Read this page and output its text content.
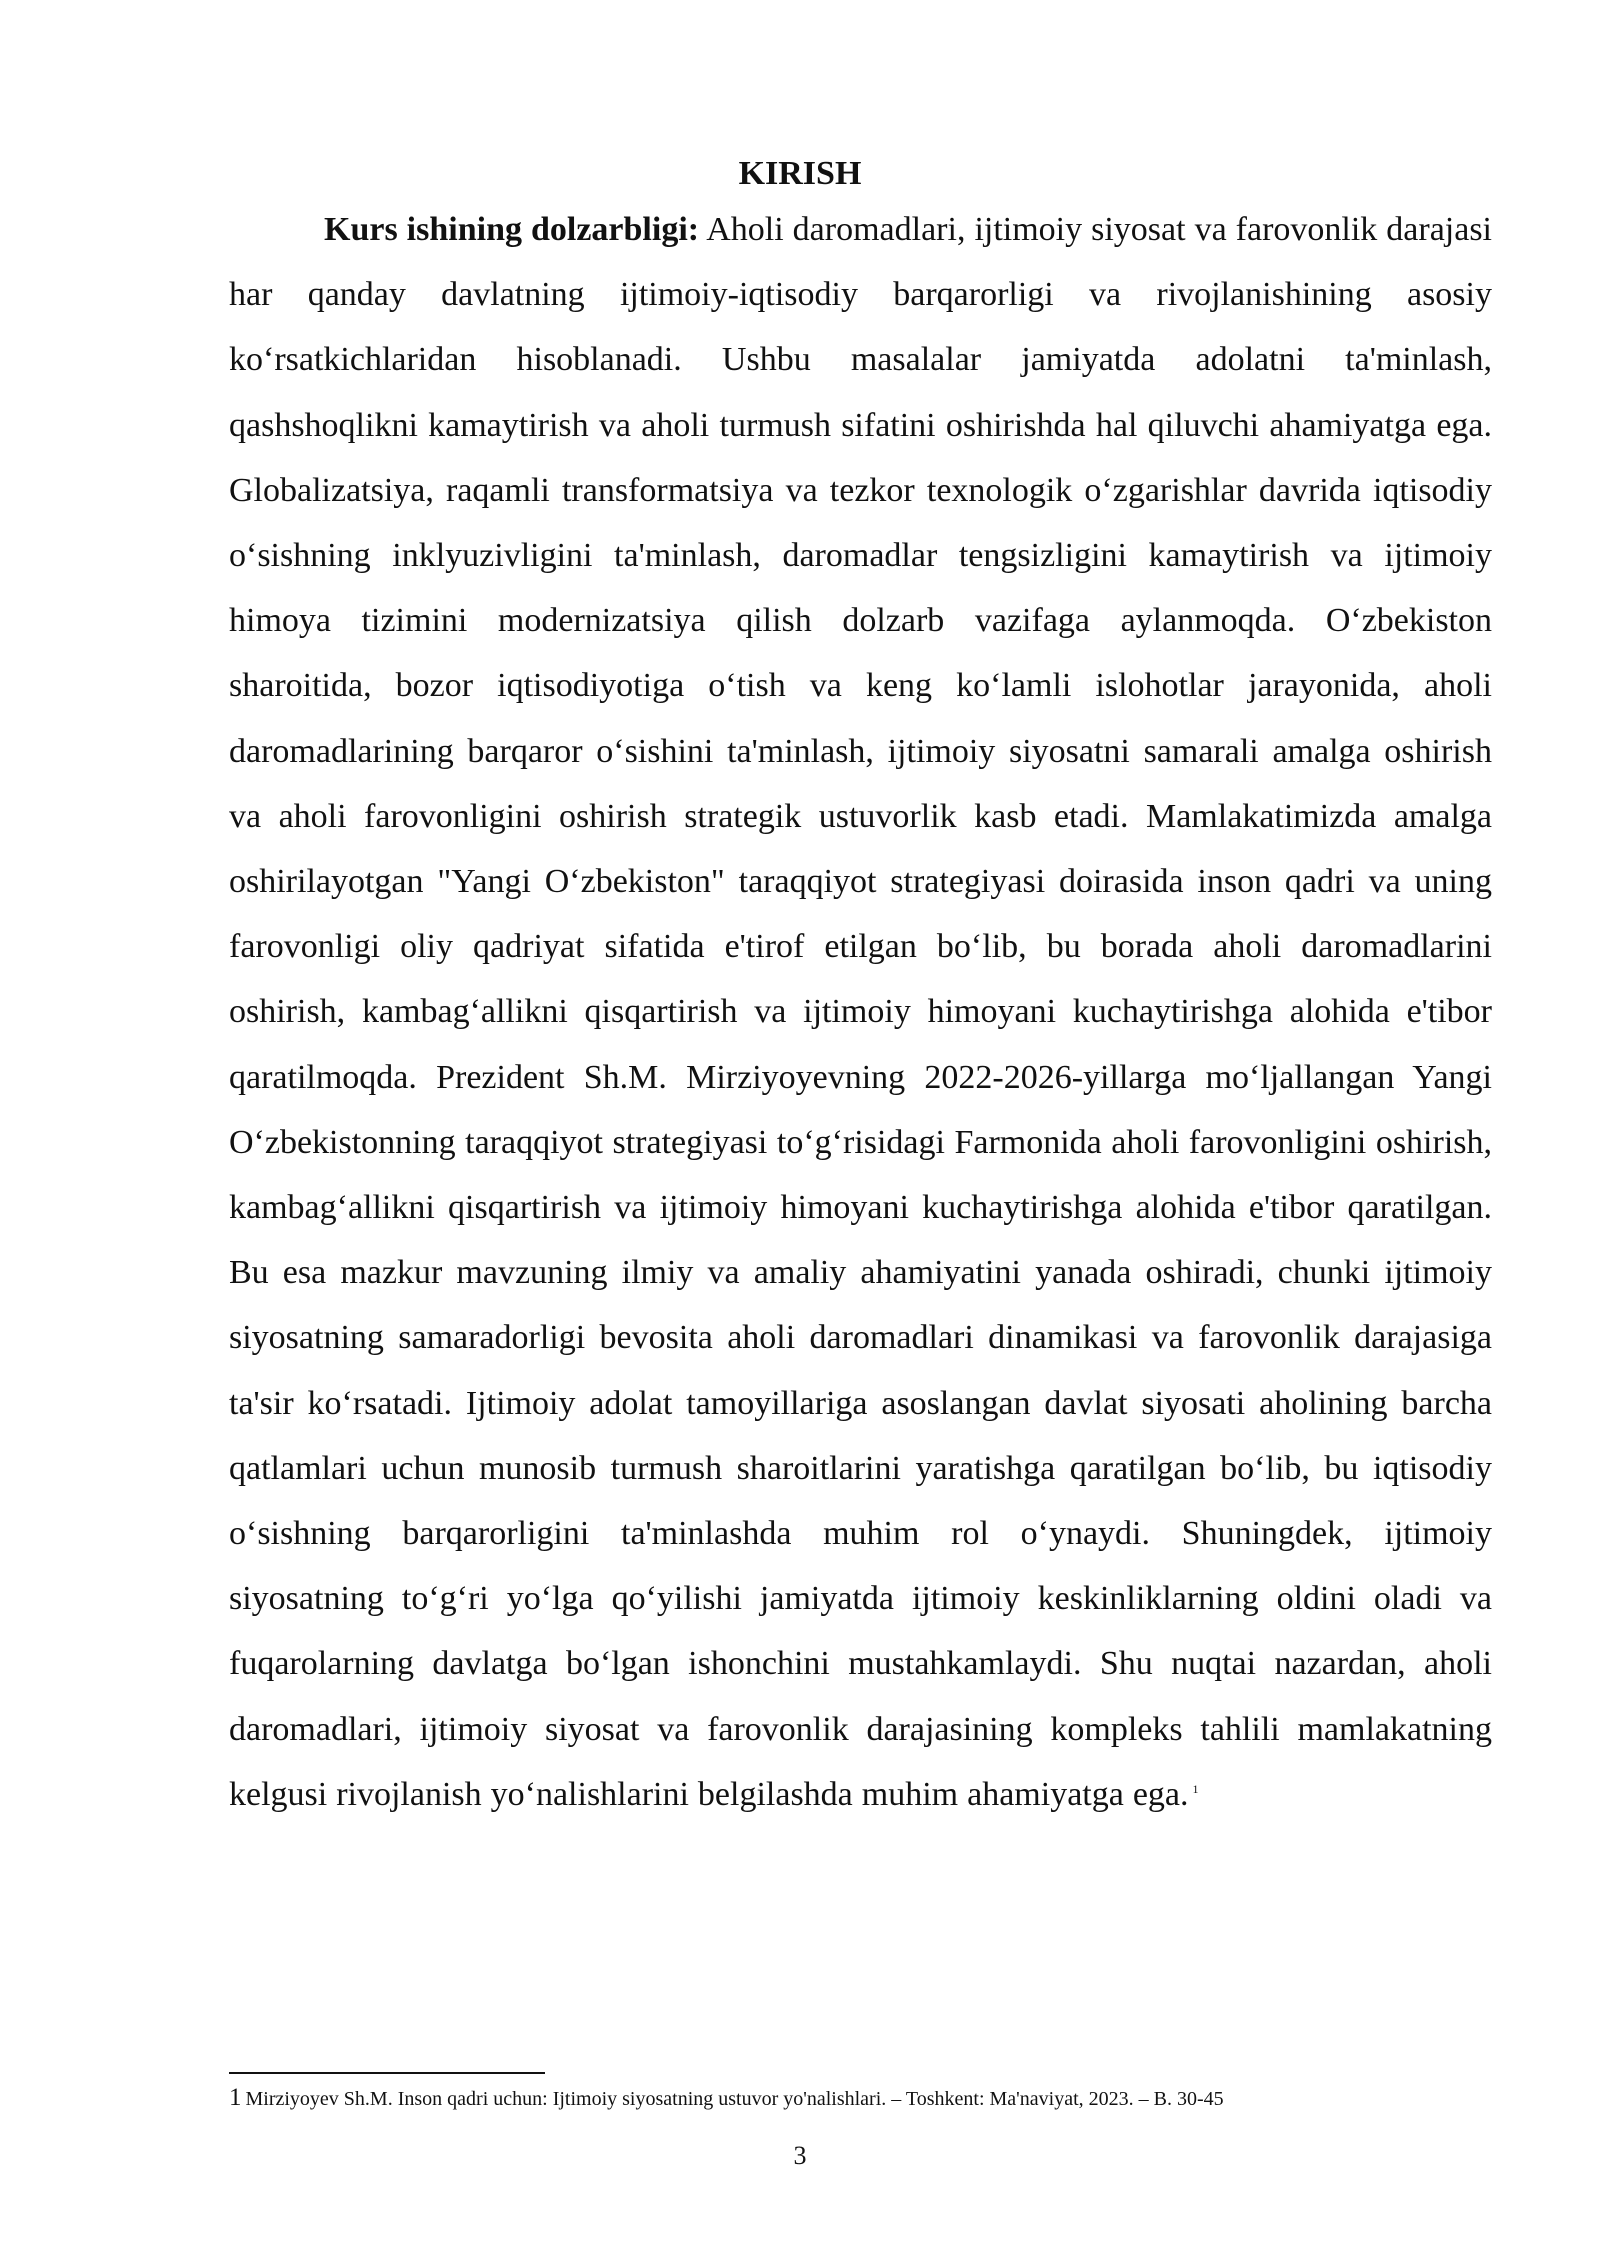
KIRISH

Kurs ishining dolzarbligi: Aholi daromadlari, ijtimoiy siyosat va farovonlik darajasi har qanday davlatning ijtimoiy-iqtisodiy barqarorligi va rivojlanishining asosiy ko‘rsatkichlaridan hisoblanadi. Ushbu masalalar jamiyatda adolatni ta'minlash, qashshoqlikni kamaytirish va aholi turmush sifatini oshirishda hal qiluvchi ahamiyatga ega. Globalizatsiya, raqamli transformatsiya va tezkor texnologik o‘zgarishlar davrida iqtisodiy o‘sishning inklyuzivligini ta'minlash, daromadlar tengsizligini kamaytirish va ijtimoiy himoya tizimini modernizatsiya qilish dolzarb vazifaga aylanmoqda. O‘zbekiston sharoitida, bozor iqtisodiyotiga o‘tish va keng ko‘lamli islohotlar jarayonida, aholi daromadlarining barqaror o‘sishini ta'minlash, ijtimoiy siyosatni samarali amalga oshirish va aholi farovonligini oshirish strategik ustuvorlik kasb etadi. Mamlakatimizda amalga oshirilayotgan "Yangi O‘zbekiston" taraqqiyot strategiyasi doirasida inson qadri va uning farovonligi oliy qadriyat sifatida e'tirof etilgan bo‘lib, bu borada aholi daromadlarini oshirish, kambag‘allikni qisqartirish va ijtimoiy himoyani kuchaytirishga alohida e'tibor qaratilmoqda. Prezident Sh.M. Mirziyoyevning 2022-2026-yillarga mo‘ljallangan Yangi O‘zbekistonning taraqqiyot strategiyasi to‘g‘risidagi Farmonida aholi farovonligini oshirish, kambag‘allikni qisqartirish va ijtimoiy himoyani kuchaytirishga alohida e'tibor qaratilgan. Bu esa mazkur mavzuning ilmiy va amaliy ahamiyatini yanada oshiradi, chunki ijtimoiy siyosatning samaradorligi bevosita aholi daromadlari dinamikasi va farovonlik darajasiga ta'sir ko‘rsatadi. Ijtimoiy adolat tamoyillariga asoslangan davlat siyosati aholining barcha qatlamlari uchun munosib turmush sharoitlarini yaratishga qaratilgan bo‘lib, bu iqtisodiy o‘sishning barqarorligini ta'minlashda muhim rol o‘ynaydi. Shuningdek, ijtimoiy siyosatning to‘g‘ri yo‘lga qo‘yilishi jamiyatda ijtimoiy keskinliklarning oldini oladi va fuqarolarning davlatga bo‘lgan ishonchini mustahkamlaydi. Shu nuqtai nazardan, aholi daromadlari, ijtimoiy siyosat va farovonlik darajasining kompleks tahlili mamlakatning kelgusi rivojlanish yo‘nalishlarini belgilashda muhim ahamiyatga ega. $^1$

1 Mirziyoyev Sh.M. Inson qadri uchun: Ijtimoiy siyosatning ustuvor yo'nalishlari. – Toshkent: Ma'naviyat, 2023. – B. 30-45

3
